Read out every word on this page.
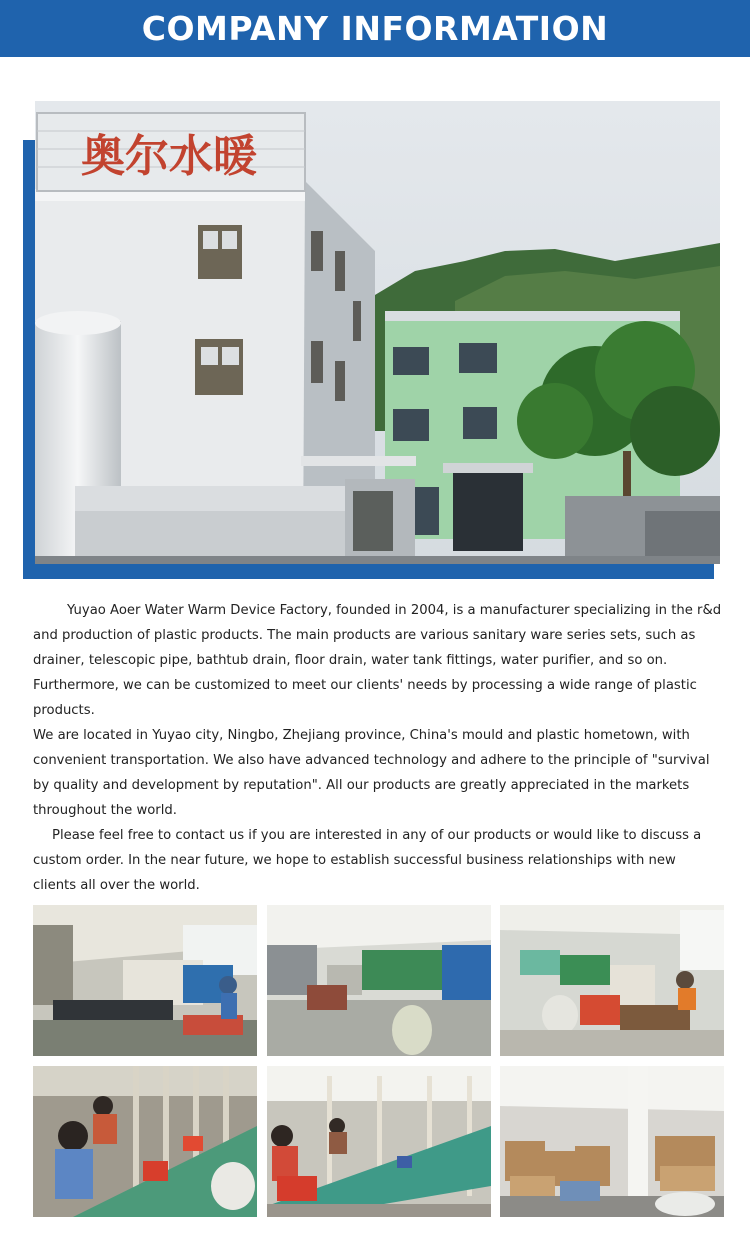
COMPANY INFORMATION
奥尔水暖

Yuyao Aoer Water Warm Device Factory, founded in 2004, is a manufacturer specializing in the r&d and production of plastic products. The main products are various sanitary ware series sets, such as drainer, telescopic pipe, bathtub drain, floor drain, water tank fittings, water purifier, and so on. Furthermore, we can be customized to meet our clients' needs by processing a wide range of plastic products.

We are located in Yuyao city, Ningbo, Zhejiang province, China's mould and plastic hometown, with convenient transportation. We also have advanced technology and adhere to the principle of "survival by quality and development by reputation". All our products are greatly appreciated in the markets throughout the world.

Please feel free to contact us if you are interested in any of our products or would like to discuss a custom order. In the near future, we hope to establish successful business relationships with new clients all over the world.
